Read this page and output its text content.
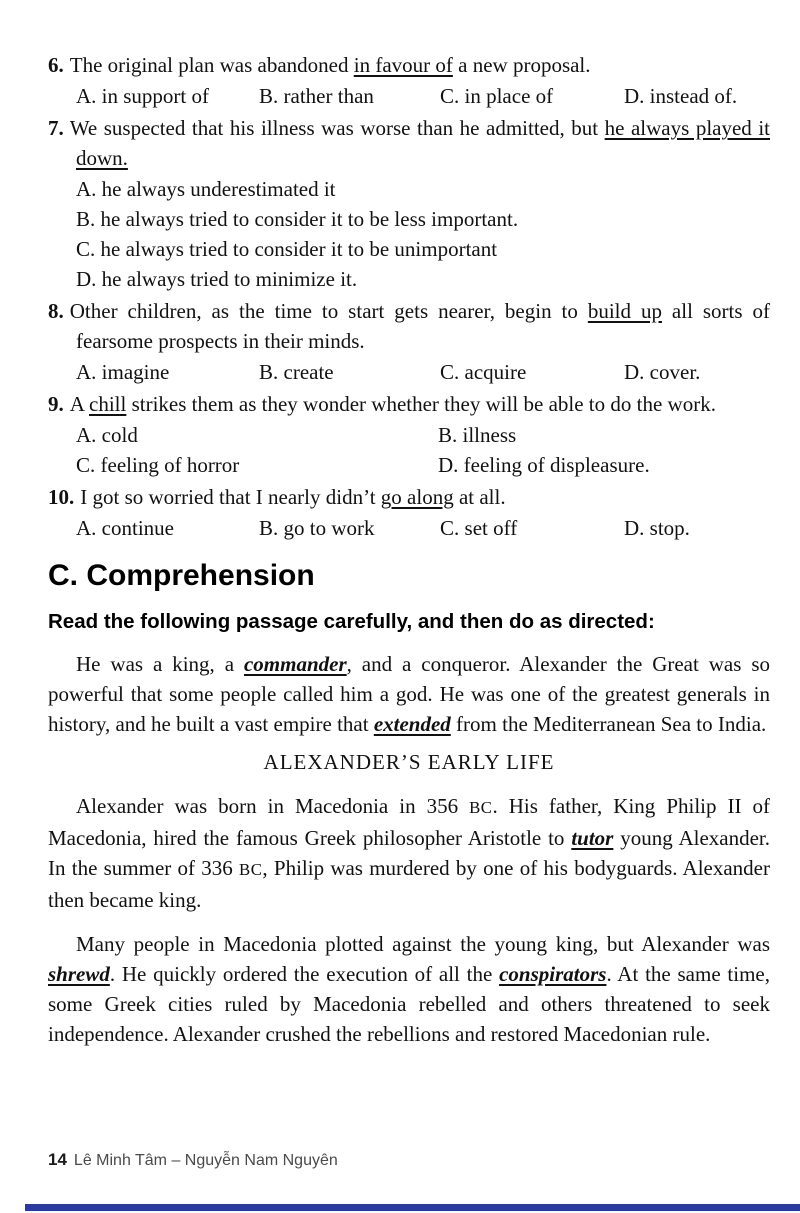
6. The original plan was abandoned in favour of a new proposal.
A. in support of	B. rather than	C. in place of	D. instead of.
7. We suspected that his illness was worse than he admitted, but he always played it down.
A. he always underestimated it
B. he always tried to consider it to be less important.
C. he always tried to consider it to be unimportant
D. he always tried to minimize it.
8. Other children, as the time to start gets nearer, begin to build up all sorts of fearsome prospects in their minds.
A. imagine	B. create	C. acquire	D. cover.
9. A chill strikes them as they wonder whether they will be able to do the work.
A. cold	B. illness
C. feeling of horror	D. feeling of displeasure.
10. I got so worried that I nearly didn’t go along at all.
A. continue	B. go to work	C. set off	D. stop.
C. Comprehension
Read the following passage carefully, and then do as directed:

He was a king, a commander, and a conqueror. Alexander the Great was so powerful that some people called him a god. He was one of the greatest generals in history, and he built a vast empire that extended from the Mediterranean Sea to India.

ALEXANDER’S EARLY LIFE

Alexander was born in Macedonia in 356 BC. His father, King Philip II of Macedonia, hired the famous Greek philosopher Aristotle to tutor young Alexander. In the summer of 336 BC, Philip was murdered by one of his bodyguards. Alexander then became king.

Many people in Macedonia plotted against the young king, but Alexander was shrewd. He quickly ordered the execution of all the conspirators. At the same time, some Greek cities ruled by Macedonia rebelled and others threatened to seek independence. Alexander crushed the rebellions and restored Macedonian rule.

14 Lê Minh Tâm – Nguyễn Nam Nguyên
